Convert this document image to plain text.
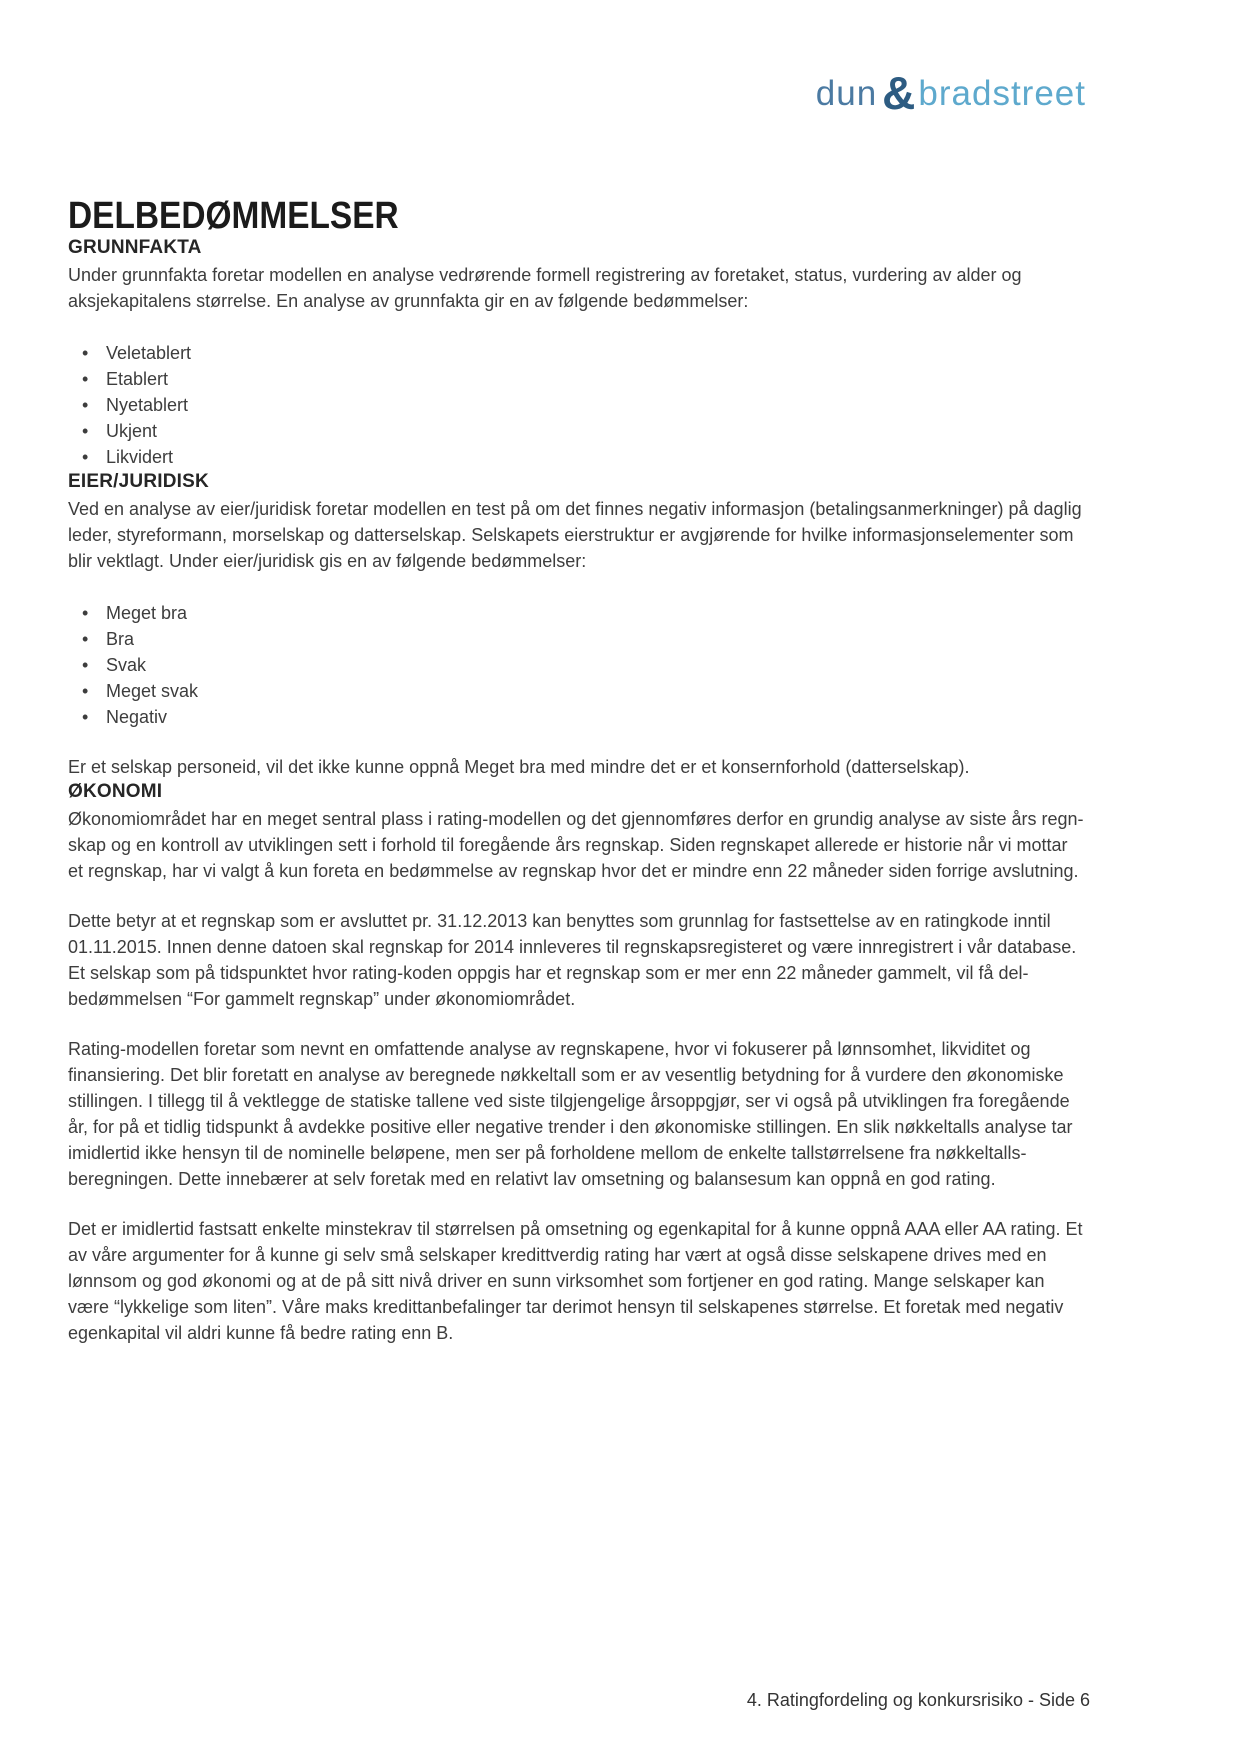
dun &bradstreet
DELBEDØMMELSER
GRUNNFAKTA

Under grunnfakta foretar modellen en analyse vedrørende formell registrering av foretaket, status, vurdering av alder og aksjekapitalens størrelse. En analyse av grunnfakta gir en av følgende bedømmelser:

• Veletablert
• Etablert
• Nyetablert
• Ukjent
• Likvidert
EIER/JURIDISK

Ved en analyse av eier/juridisk foretar modellen en test på om det finnes negativ informasjon (betalingsanmerkninger) på daglig leder, styreformann, morselskap og datterselskap. Selskapets eierstruktur er avgjørende for hvilke informasjonselementer som blir vektlagt. Under eier/juridisk gis en av følgende bedømmelser:

• Meget bra
• Bra
• Svak
• Meget svak
• Negativ

Er et selskap personeid, vil det ikke kunne oppnå Meget bra med mindre det er et konsernforhold (datterselskap).

ØKONOMI

Økonomiområdet har en meget sentral plass i rating-modellen og det gjennomføres derfor en grundig analyse av siste års regn- skap og en kontroll av utviklingen sett i forhold til foregående års regnskap. Siden regnskapet allerede er historie når vi mottar et regnskap, har vi valgt å kun foreta en bedømmelse av regnskap hvor det er mindre enn 22 måneder siden forrige avslutning.

Dette betyr at et regnskap som er avsluttet pr. 31.12.2013 kan benyttes som grunnlag for fastsettelse av en ratingkode inntil 01.11.2015. Innen denne datoen skal regnskap for 2014 innleveres til regnskapsregisteret og være innregistrert i vår database. Et selskap som på tidspunktet hvor rating-koden oppgis har et regnskap som er mer enn 22 måneder gammelt, vil få del- bedømmelsen “For gammelt regnskap” under økonomiområdet.

Rating-modellen foretar som nevnt en omfattende analyse av regnskapene, hvor vi fokuserer på lønnsomhet, likviditet og finansiering. Det blir foretatt en analyse av beregnede nøkkeltall som er av vesentlig betydning for å vurdere den økonomiske stillingen. I tillegg til å vektlegge de statiske tallene ved siste tilgjengelige årsoppgjør, ser vi også på utviklingen fra foregående år, for på et tidlig tidspunkt å avdekke positive eller negative trender i den økonomiske stillingen. En slik nøkkeltalls analyse tar imidlertid ikke hensyn til de nominelle beløpene, men ser på forholdene mellom de enkelte tallstørrelsene fra nøkkeltalls- beregningen. Dette innebærer at selv foretak med en relativt lav omsetning og balansesum kan oppnå en god rating.

Det er imidlertid fastsatt enkelte minstekrav til størrelsen på omsetning og egenkapital for å kunne oppnå AAA eller AA rating. Et av våre argumenter for å kunne gi selv små selskaper kredittverdig rating har vært at også disse selskapene drives med en lønnsom og god økonomi og at de på sitt nivå driver en sunn virksomhet som fortjener en god rating. Mange selskaper kan være “lykkelige som liten”. Våre maks kredittanbefalinger tar derimot hensyn til selskapenes størrelse. Et foretak med negativ egenkapital vil aldri kunne få bedre rating enn B.

4. Ratingfordeling og konkursrisiko - Side 6
